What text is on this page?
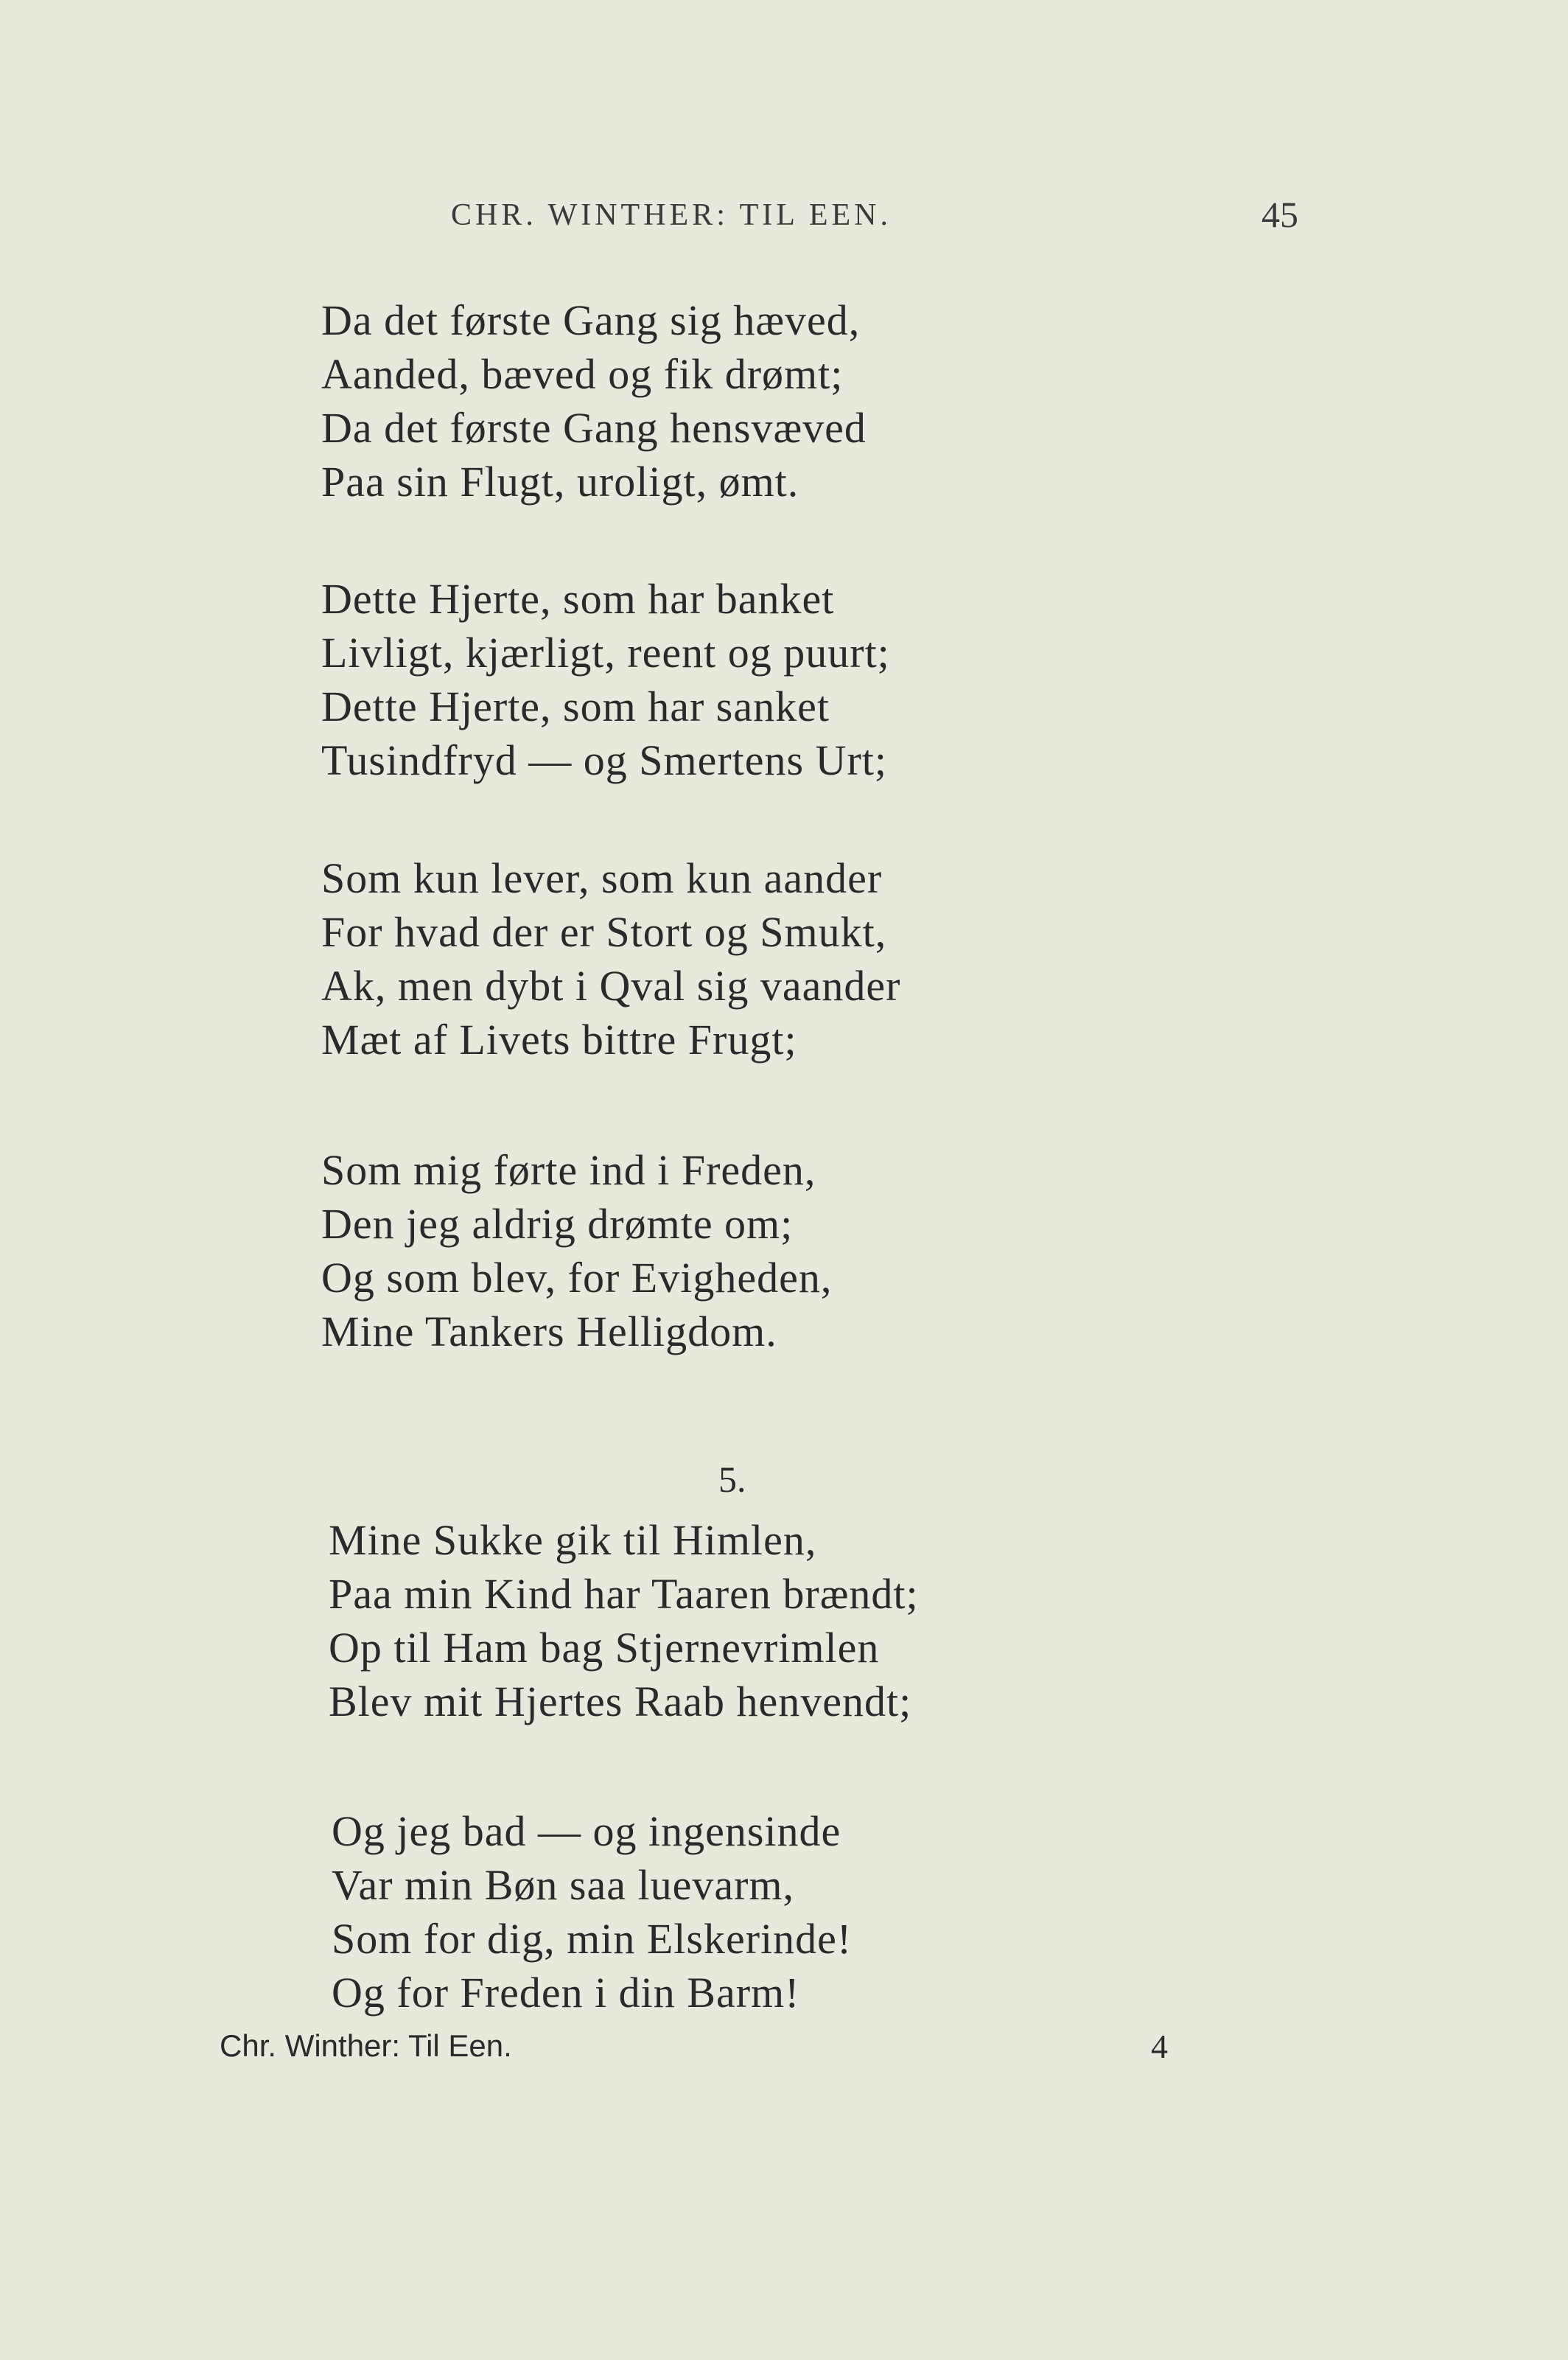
CHR. WINTHER: TIL EEN.	45
Da det første Gang sig hæved,
Aanded, bæved og fik drømt;
Da det første Gang hensvæved
Paa sin Flugt, uroligt, ømt.
Dette Hjerte, som har banket
Livligt, kjærligt, reent og puurt;
Dette Hjerte, som har sanket
Tusindfryd — og Smertens Urt;
Som kun lever, som kun aander
For hvad der er Stort og Smukt,
Ak, men dybt i Qval sig vaander
Mæt af Livets bittre Frugt;
Som mig førte ind i Freden,
Den jeg aldrig drømte om;
Og som blev, for Evigheden,
Mine Tankers Helligdom.
5.
Mine Sukke gik til Himlen,
Paa min Kind har Taaren brændt;
Op til Ham bag Stjernevrimlen
Blev mit Hjertes Raab henvendt;
Og jeg bad — og ingensinde
Var min Bøn saa luevarm,
Som for dig, min Elskerinde!
Og for Freden i din Barm!
Chr. Winther: Til Een.	4
